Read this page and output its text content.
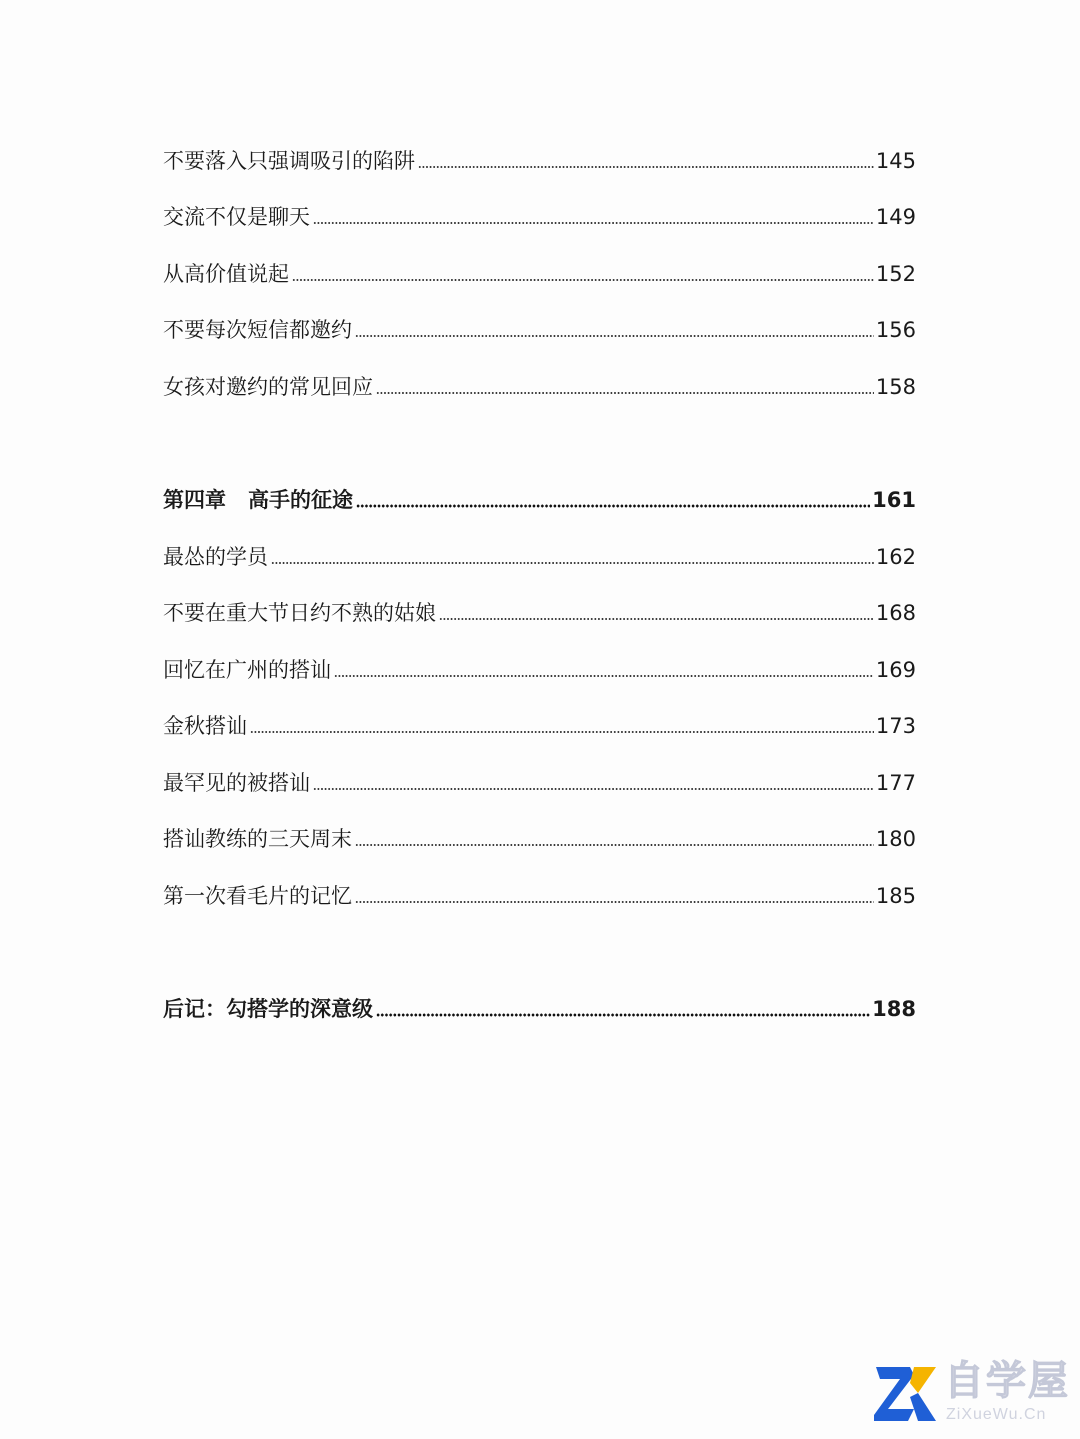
不要落入只强调吸引的陷阱	145
交流不仅是聊天	149
从高价值说起	152
不要每次短信都邀约	156
女孩对邀约的常见回应	158
第四章 高手的征途	161
最怂的学员	162
不要在重大节日约不熟的姑娘	168
回忆在广州的搭讪	169
金秋搭讪	173
最罕见的被搭讪	177
搭讪教练的三天周末	180
第一次看毛片的记忆	185
后记：勾搭学的深意级	188
自学屋
ZiXueWu.Cn
